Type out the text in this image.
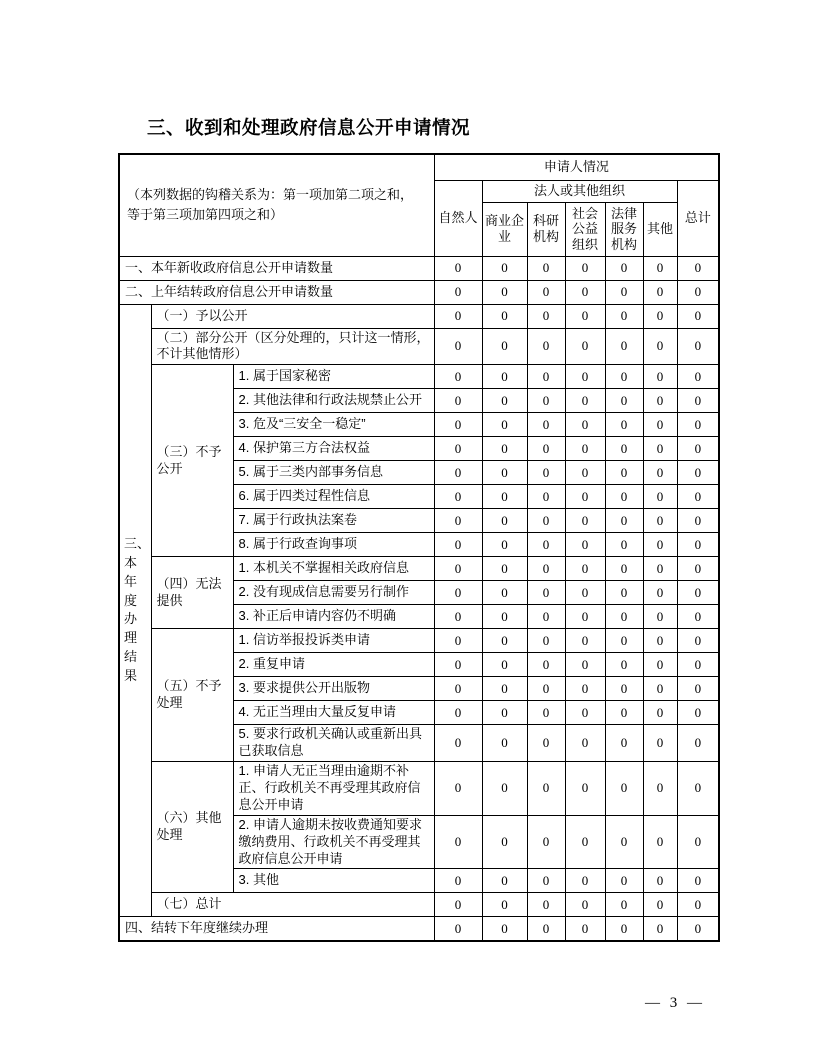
三、收到和处理政府信息公开申请情况
（本列数据的钩稽关系为：第一项加第二项之和，等于第三项加第四项之和）			申请人情况						
			自然人	法人或其他组织					总计
				商业企业	科研机构	社会公益组织	法律服务机构	其他	
一、本年新收政府信息公开申请数量			0	0	0	0	0	0	0
二、上年结转政府信息公开申请数量			0	0	0	0	0	0	0
三、本年度办理结果	（一）予以公开		0	0	0	0	0	0	0
	（二）部分公开（区分处理的，只计这一情形，不计其他情形）		0	0	0	0	0	0	0
	（三）不予公开	1. 属于国家秘密	0	0	0	0	0	0	0
		2. 其他法律和行政法规禁止公开	0	0	0	0	0	0	0
		3. 危及“三安全一稳定”	0	0	0	0	0	0	0
		4. 保护第三方合法权益	0	0	0	0	0	0	0
		5. 属于三类内部事务信息	0	0	0	0	0	0	0
		6. 属于四类过程性信息	0	0	0	0	0	0	0
		7. 属于行政执法案卷	0	0	0	0	0	0	0
		8. 属于行政查询事项	0	0	0	0	0	0	0
	（四）无法提供	1. 本机关不掌握相关政府信息	0	0	0	0	0	0	0
		2. 没有现成信息需要另行制作	0	0	0	0	0	0	0
		3. 补正后申请内容仍不明确	0	0	0	0	0	0	0
	（五）不予处理	1. 信访举报投诉类申请	0	0	0	0	0	0	0
		2. 重复申请	0	0	0	0	0	0	0
		3. 要求提供公开出版物	0	0	0	0	0	0	0
		4. 无正当理由大量反复申请	0	0	0	0	0	0	0
		5. 要求行政机关确认或重新出具已获取信息	0	0	0	0	0	0	0
	（六）其他处理	1. 申请人无正当理由逾期不补正、行政机关不再受理其政府信息公开申请	0	0	0	0	0	0	0
		2. 申请人逾期未按收费通知要求缴纳费用、行政机关不再受理其政府信息公开申请	0	0	0	0	0	0	0
		3. 其他	0	0	0	0	0	0	0
	（七）总计		0	0	0	0	0	0	0
四、结转下年度继续办理			0	0	0	0	0	0	0
— 3 —
